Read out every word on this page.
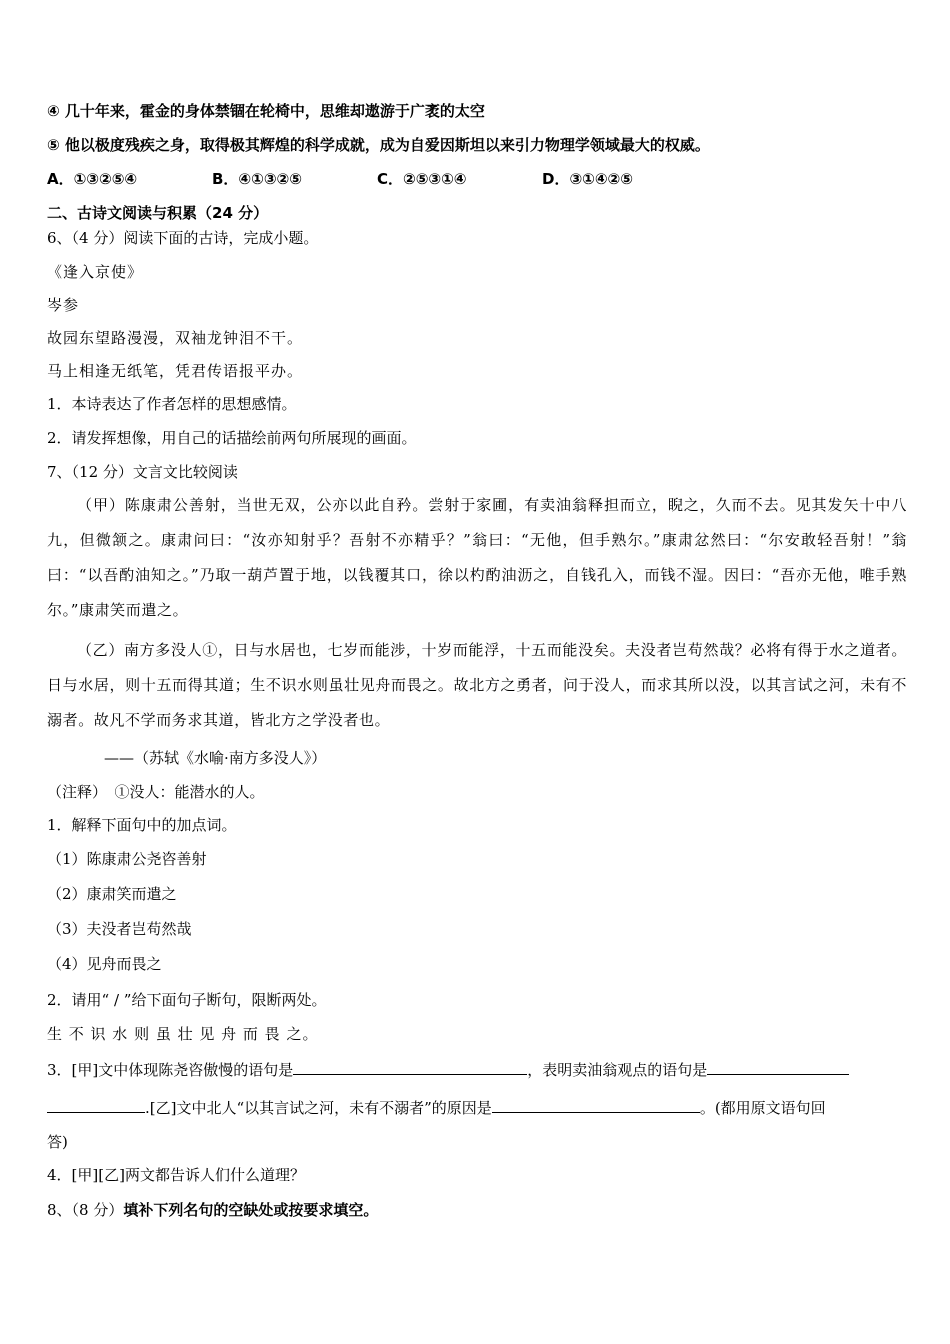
④ 几十年来，霍金的身体禁锢在轮椅中，思维却遨游于广袤的太空
⑤ 他以极度残疾之身，取得极其辉煌的科学成就，成为自爱因斯坦以来引力物理学领域最大的权威。
A．①③②⑤④	B．④①③②⑤	C．②⑤③①④	D．③①④②⑤
二、古诗文阅读与积累（24 分）
6、（4 分）阅读下面的古诗，完成小题。
《逢入京使》
岑参
故园东望路漫漫，双袖龙钟泪不干。
马上相逢无纸笔，凭君传语报平办。
1．本诗表达了作者怎样的思想感情。
2．请发挥想像，用自己的话描绘前两句所展现的画面。
7、（12 分）文言文比较阅读
（甲）陈康肃公善射，当世无双，公亦以此自矜。尝射于家圃，有卖油翁释担而立，睨之，久而不去。见其发矢十中八九，但微颔之。康肃问曰：“汝亦知射乎？吾射不亦精乎？”翁曰：“无他，但手熟尔。”康肃忿然曰：“尔安敢轻吾射！”翁曰：“以吾酌油知之。”乃取一葫芦置于地，以钱覆其口，徐以杓酌油沥之，自钱孔入，而钱不湿。因曰：“吾亦无他，唯手熟尔。”康肃笑而遣之。
（乙）南方多没人①，日与水居也，七岁而能涉，十岁而能浮，十五而能没矣。夫没者岂苟然哉？必将有得于水之道者。日与水居，则十五而得其道；生不识水则虽壮见舟而畏之。故北方之勇者，问于没人，而求其所以没，以其言试之河，未有不溺者。故凡不学而务求其道，皆北方之学没者也。
——（苏轼《水喻·南方多没人》）
（注释）　①没人：能潜水的人。
1．解释下面句中的加点词。
（1）陈康肃公尧咨善射
（2）康肃笑而遣之
（3）夫没者岂苟然哉
（4）见舟而畏之
2．请用“ / ”给下面句子断句，限断两处。
生 不 识 水 则 虽 壮 见 舟 而 畏 之。
3．[甲]文中体现陈尧咨傲慢的语句是	，表明卖油翁观点的语句是
.[乙]文中北人“以其言试之河，未有不溺者”的原因是	。(都用原文语句回
答)
4．[甲][乙]两文都告诉人们什么道理？
8、（8 分）填补下列名句的空缺处或按要求填空。
